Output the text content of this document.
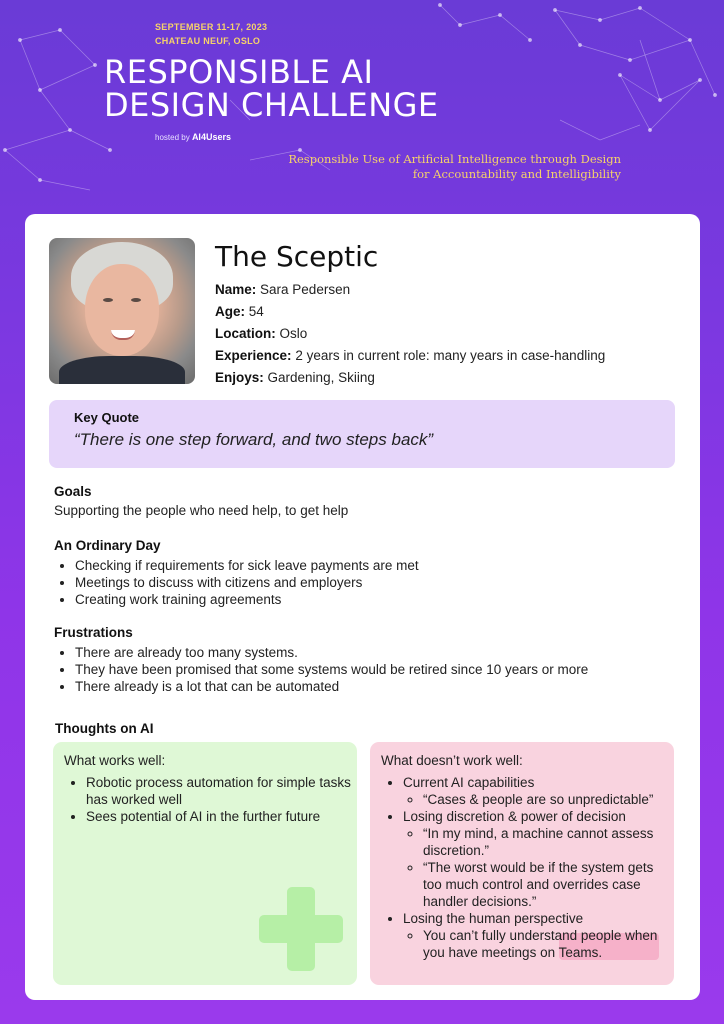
SEPTEMBER 11-17, 2023
CHATEAU NEUF, OSLO
RESPONSIBLE AI
DESIGN CHALLENGE
hosted by AI4Users
Responsible Use of Artificial Intelligence through Design
for Accountability and Intelligibility
The Sceptic
Name: Sara Pedersen
Age: 54
Location: Oslo
Experience: 2 years in current role: many years in case-handling
Enjoys: Gardening, Skiing
Key Quote
“There is one step forward, and two steps back”
Goals

Supporting the people who need help, to get help

An Ordinary Day
• Checking if requirements for sick leave payments are met
• Meetings to discuss with citizens and employers
• Creating work training agreements
Frustrations
• There are already too many systems.
• They have been promised that some systems would be retired since 10 years or more
• There already is a lot that can be automated
Thoughts on AI
What works well:
• Robotic process automation for simple tasks has worked well
• Sees potential of AI in the further future
What doesn’t work well:
• Current AI capabilities
◦ “Cases & people are so unpredictable”
• Losing discretion & power of decision
◦ “In my mind, a machine cannot assess discretion.”
◦ “The worst would be if the system gets too much control and overrides case handler decisions.”
• Losing the human perspective
◦ You can’t fully understand people when you have meetings on Teams.
